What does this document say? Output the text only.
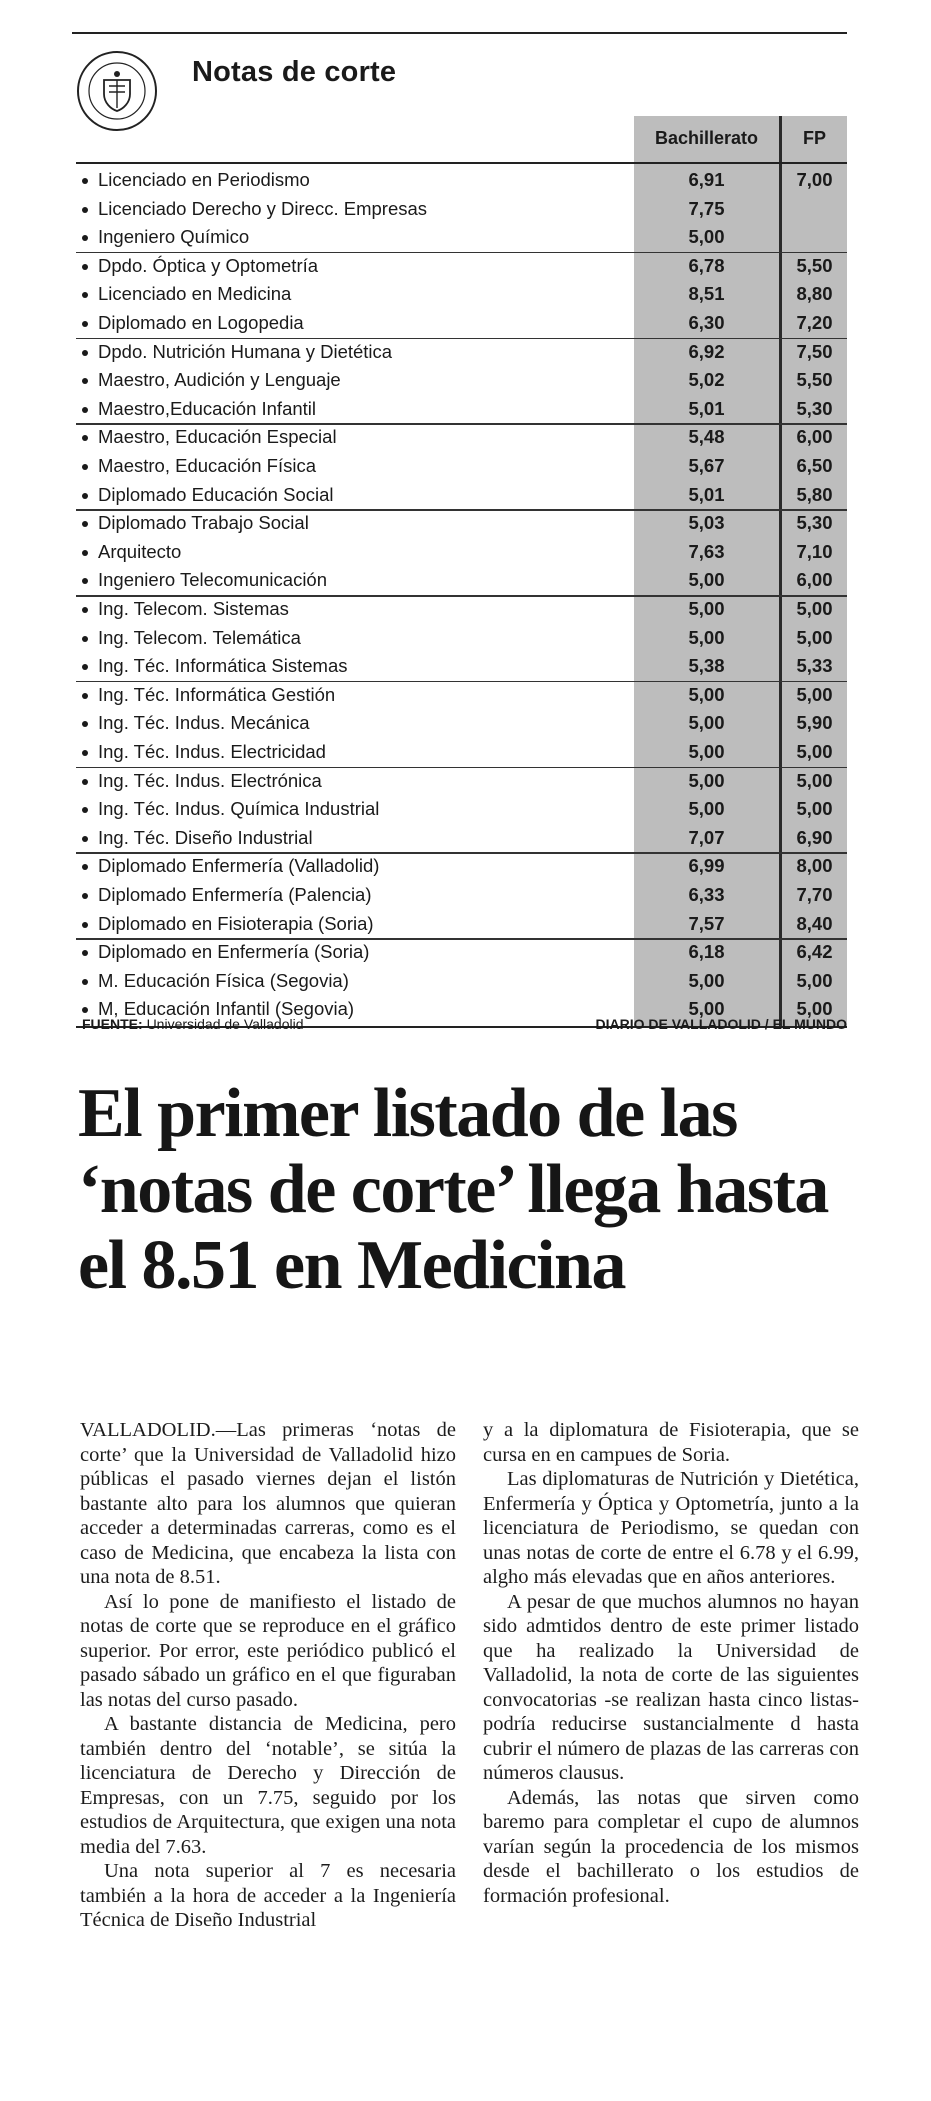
Notas de corte
Bachillerato	FP
Licenciado en Periodismo	6,91	7,00
Licenciado Derecho y Direcc. Empresas	7,75
Ingeniero Químico	5,00
Dpdo. Óptica y Optometría	6,78	5,50
Licenciado en Medicina	8,51	8,80
Diplomado en Logopedia	6,30	7,20
Dpdo. Nutrición Humana y Dietética	6,92	7,50
Maestro, Audición y Lenguaje	5,02	5,50
Maestro,Educación Infantil	5,01	5,30
Maestro, Educación Especial	5,48	6,00
Maestro, Educación Física	5,67	6,50
Diplomado Educación Social	5,01	5,80
Diplomado Trabajo Social	5,03	5,30
Arquitecto	7,63	7,10
Ingeniero Telecomunicación	5,00	6,00
Ing. Telecom. Sistemas	5,00	5,00
Ing. Telecom. Telemática	5,00	5,00
Ing. Téc. Informática Sistemas	5,38	5,33
Ing. Téc. Informática Gestión	5,00	5,00
Ing. Téc. Indus. Mecánica	5,00	5,90
Ing. Téc. Indus. Electricidad	5,00	5,00
Ing. Téc. Indus. Electrónica	5,00	5,00
Ing. Téc. Indus. Química Industrial	5,00	5,00
Ing. Téc. Diseño Industrial	7,07	6,90
Diplomado Enfermería (Valladolid)	6,99	8,00
Diplomado Enfermería (Palencia)	6,33	7,70
Diplomado en Fisioterapia (Soria)	7,57	8,40
Diplomado en Enfermería (Soria)	6,18	6,42
M. Educación Física (Segovia)	5,00	5,00
M, Educación Infantil (Segovia)	5,00	5,00
FUENTE: Universidad de Valladolid	DIARIO DE VALLADOLID / EL MUNDO
El primer listado de las ‘notas de corte’ llega hasta el 8.51 en Medicina

VALLADOLID.—Las primeras ‘notas de corte’ que la Universidad de Valladolid hizo públicas el pasado viernes dejan el listón bastante alto para los alumnos que quieran acceder a determinadas carreras, como es el caso de Medicina, que encabeza la lista con una nota de 8.51.

Así lo pone de manifiesto el listado de notas de corte que se reproduce en el gráfico superior. Por error, este periódico publicó el pasado sábado un gráfico en el que figuraban las notas del curso pasado.

A bastante distancia de Medicina, pero también dentro del ‘notable’, se sitúa la licenciatura de Derecho y Dirección de Empresas, con un 7.75, seguido por los estudios de Arquitectura, que exigen una nota media del 7.63.

Una nota superior al 7 es necesaria también a la hora de acceder a la Ingeniería Técnica de Diseño Industrial

y a la diplomatura de Fisioterapia, que se cursa en en campues de Soria.

Las diplomaturas de Nutrición y Dietética, Enfermería y Óptica y Optometría, junto a la licenciatura de Periodismo, se quedan con unas notas de corte de entre el 6.78 y el 6.99, algho más elevadas que en años anteriores.

A pesar de que muchos alumnos no hayan sido admtidos dentro de este primer listado que ha realizado la Universidad de Valladolid, la nota de corte de las siguientes convocatorias -se realizan hasta cinco listas- podría reducirse sustancialmente d hasta cubrir el número de plazas de las carreras con números clausus.

Además, las notas que sirven como baremo para completar el cupo de alumnos varían según la procedencia de los mismos desde el bachillerato o los estudios de formación profesional.
